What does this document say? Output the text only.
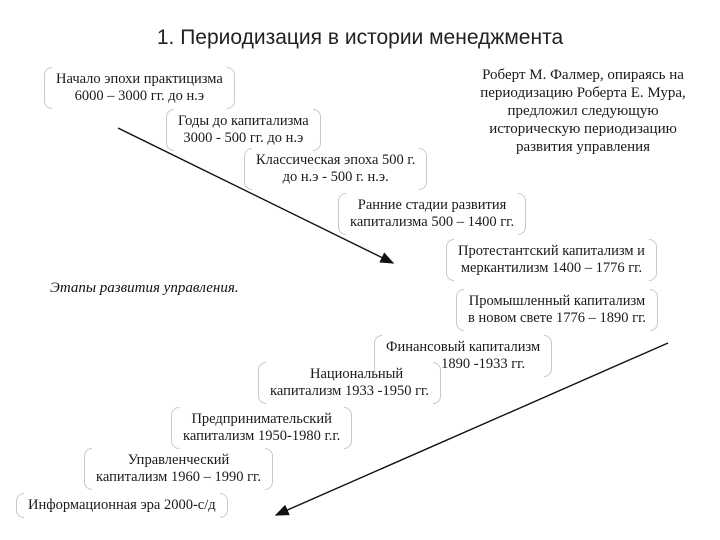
1. Периодизация в истории менеджмента
Роберт М. Фалмер, опираясь на
периодизацию Роберта Е. Мура,
предложил следующую
историческую периодизацию
развития управления
Начало эпохи практицизма
6000 – 3000 гг. до н.э
Годы до капитализма
3000 - 500 гг. до н.э
Классическая эпоха 500 г.
до н.э - 500 г. н.э.
Ранние стадии развития
капитализма 500 – 1400 гг.
Протестантский капитализм и
меркантилизм 1400 – 1776 гг.
Этапы развития управления.
Промышленный капитализм
в новом свете 1776 – 1890 гг.
Финансовый капитализм
1890 -1933 гг.
Национальный
капитализм 1933 -1950 гг.
Предпринимательский
капитализм 1950-1980 г.г.
Управленческий
капитализм 1960 – 1990 гг.
Информационная эра 2000-с/д
